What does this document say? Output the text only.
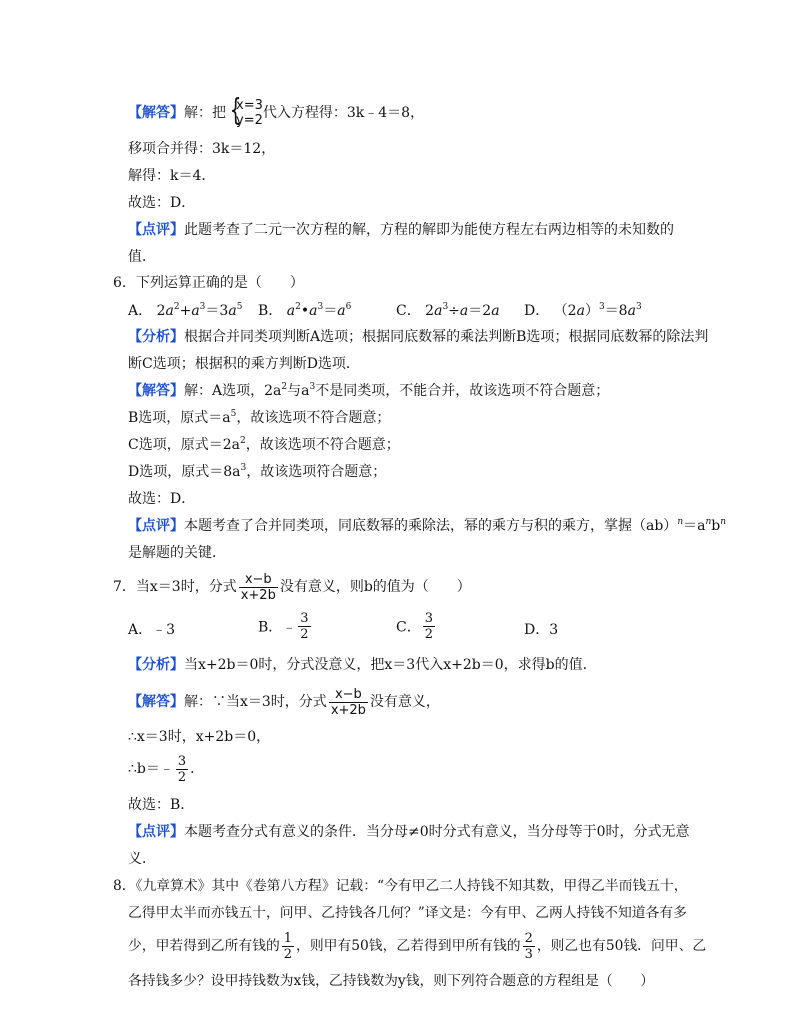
【解答】解：把 {
x=3
y=2 代入方程得：3k﹣4＝8，
移项合并得：3k＝12，
解得：k＝4．
故选：D．
【点评】此题考查了二元一次方程的解，方程的解即为能使方程左右两边相等的未知数的
值．
6．下列运算正确的是（　　）
A． $2a^2+a^3=3a^5$ B． $a^2•a^3=a^6$	C． $2a^3\div a=2a$ D． $(2a)^3=8a^3$
【分析】根据合并同类项判断A选项；根据同底数幂的乘法判断B选项；根据同底数幂的除法判
断C选项；根据积的乘方判断D选项．
【解答】解：A选项，$2a^2$与$a^3$不是同类项，不能合并，故该选项不符合题意；
B选项，原式$=a^5$，故该选项不符合题意；
C选项，原式$=2a^2$，故该选项不符合题意；
D选项，原式$=8a^3$，故该选项符合题意；
故选：D．
【点评】本题考查了合并同类项，同底数幂的乘除法，幂的乘方与积的乘方，掌握$(ab)^n=a^nb^n$
是解题的关键．
7．当x＝3时，分式 $\frac{x-b}{x+2b}$ 没有意义，则b的值为（　　）
A．﹣3	B．﹣ $\frac{3}{2}$	C． $\frac{3}{2}$	D．3
【分析】当x+2b＝0时，分式没意义，把x＝3代入x+2b＝0，求得b的值．
【解答】解：∵当x＝3时，分式 $\frac{x-b}{x+2b}$ 没有意义，
∴x＝3时，x+2b＝0，
∴b＝﹣ $\frac{3}{2}$ ．
故选：B．
【点评】本题考查分式有意义的条件．当分母≠0时分式有意义，当分母等于0时，分式无意
义．
8．《九章算术》其中《卷第八方程》记载：“今有甲乙二人持钱不知其数，甲得乙半而钱五十，
乙得甲太半而亦钱五十，问甲、乙持钱各几何？”译文是：今有甲、乙两人持钱不知道各有多
少，甲若得到乙所有钱的 $\frac{1}{2}$ ，则甲有50钱，乙若得到甲所有钱的 $\frac{2}{3}$ ，则乙也有50钱．问甲、乙
各持钱多少？设甲持钱数为x钱，乙持钱数为y钱，则下列符合题意的方程组是（　　）
